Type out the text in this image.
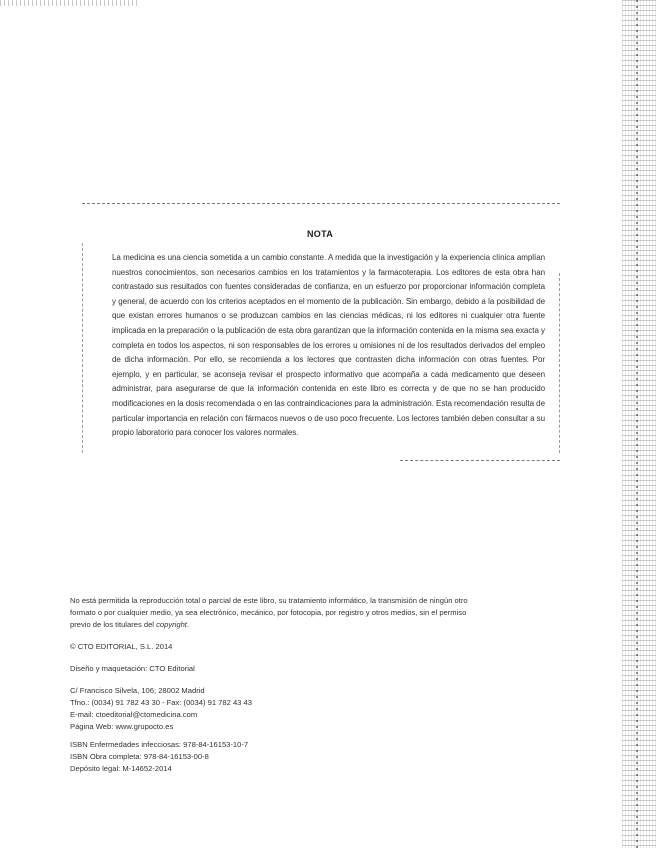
NOTA
La medicina es una ciencia sometida a un cambio constante. A medida que la investigación y la experiencia clínica amplían nuestros conocimientos, son necesarios cambios en los tratamientos y la farmacoterapia. Los editores de esta obra han contrastado sus resultados con fuentes consideradas de confianza, en un esfuerzo por proporcionar información completa y general, de acuerdo con los criterios aceptados en el momento de la publicación. Sin embargo, debido a la posibilidad de que existan errores humanos o se produzcan cambios en las ciencias médicas, ni los editores ni cualquier otra fuente implicada en la preparación o la publicación de esta obra garantizan que la información contenida en la misma sea exacta y completa en todos los aspectos, ni son responsables de los errores u omisiones ni de los resultados derivados del empleo de dicha información. Por ello, se recomienda a los lectores que contrasten dicha información con otras fuentes. Por ejemplo, y en particular, se aconseja revisar el prospecto informativo que acompaña a cada medicamento que deseen administrar, para asegurarse de que la información contenida en este libro es correcta y de que no se han producido modificaciones en la dosis recomendada o en las contraindicaciones para la administración. Esta recomendación resulta de particular importancia en relación con fármacos nuevos o de uso poco frecuente. Los lectores también deben consultar a su propio laboratorio para conocer los valores normales.

No está permitida la reproducción total o parcial de este libro, su tratamiento informático, la transmisión de ningún otro formato o por cualquier medio, ya sea electrónico, mecánico, por fotocopia, por registro y otros medios, sin el permiso previo de los titulares del copyright.

© CTO EDITORIAL, S.L. 2014
Diseño y maquetación: CTO Editorial

C/ Francisco Silvela, 106; 28002 Madrid

Tfno.: (0034) 91 782 43 30 - Fax: (0034) 91 782 43 43

E-mail: ctoeditorial@ctomedicina.com

Página Web: www.grupocto.es

ISBN Enfermedades infecciosas: 978-84-16153-10-7

ISBN Obra completa: 978-84-16153-00-8

Depósito legal: M-14652-2014
